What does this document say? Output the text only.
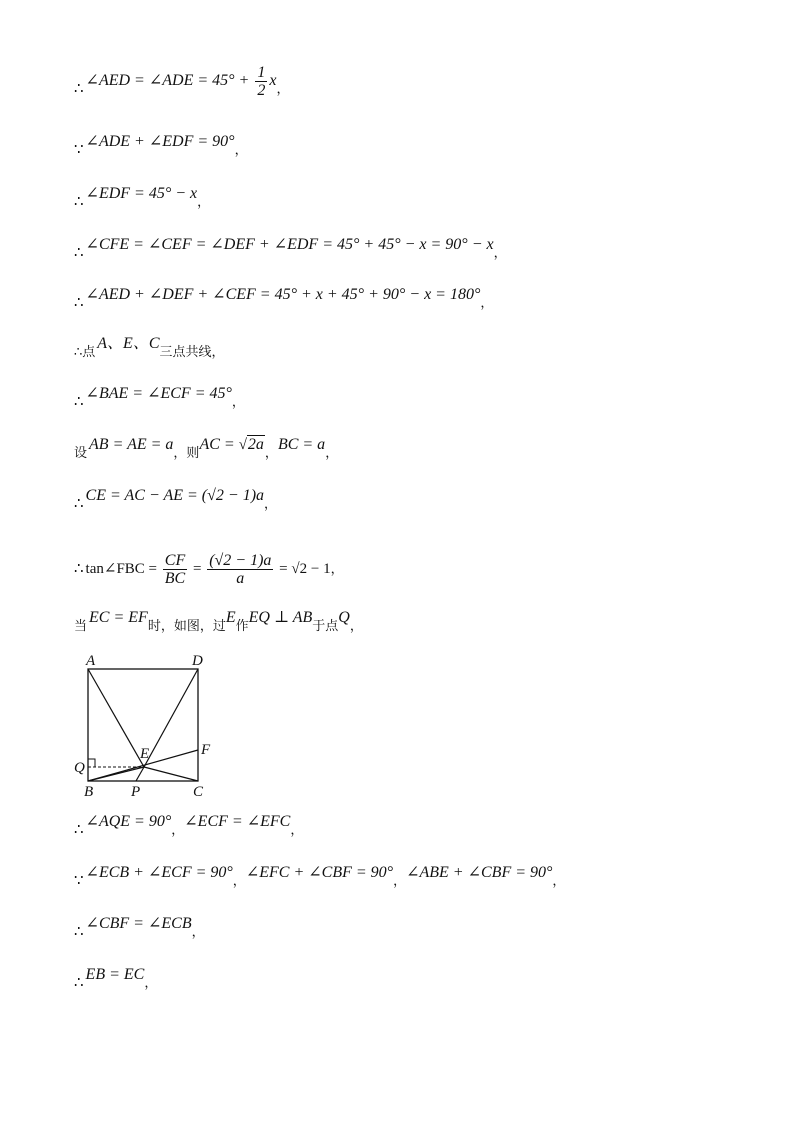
∴ ∠AED = ∠ADE = $45^\circ + \frac{1}{2}$ x，
∵ ∠ADE + ∠EDF = 90°，
∴ ∠EDF = 45° − x，
∴ ∠CFE = ∠CEF = ∠DEF + ∠EDF = 45° + 45° − x = 90° − x，
∴ ∠AED + ∠DEF + ∠CEF = 45° + x + 45° + 90° − x = 180°，
∴点A、E、C三点共线，
∴ ∠BAE = ∠ECF = 45°，
设AB = AE = a，则AC = √2a，BC = a，
∴ CE = AC − AE = (√2 − 1)a，
∴ tan∠FBC = $\frac{CF}{BC} = \frac{(√2 - 1)a}{a} = √2 - 1$，
当EC = EF时，如图，过E作EQ ⊥ AB于点Q，
∴ ∠AQE = 90°，∠ECF = ∠EFC，
∵ ∠ECB + ∠ECF = 90°，∠EFC + ∠CBF = 90°，∠ABE + ∠CBF = 90°，
∴ ∠CBF = ∠ECB，
∴ EB = EC，
A	D
E	F
Q
B	P	C
